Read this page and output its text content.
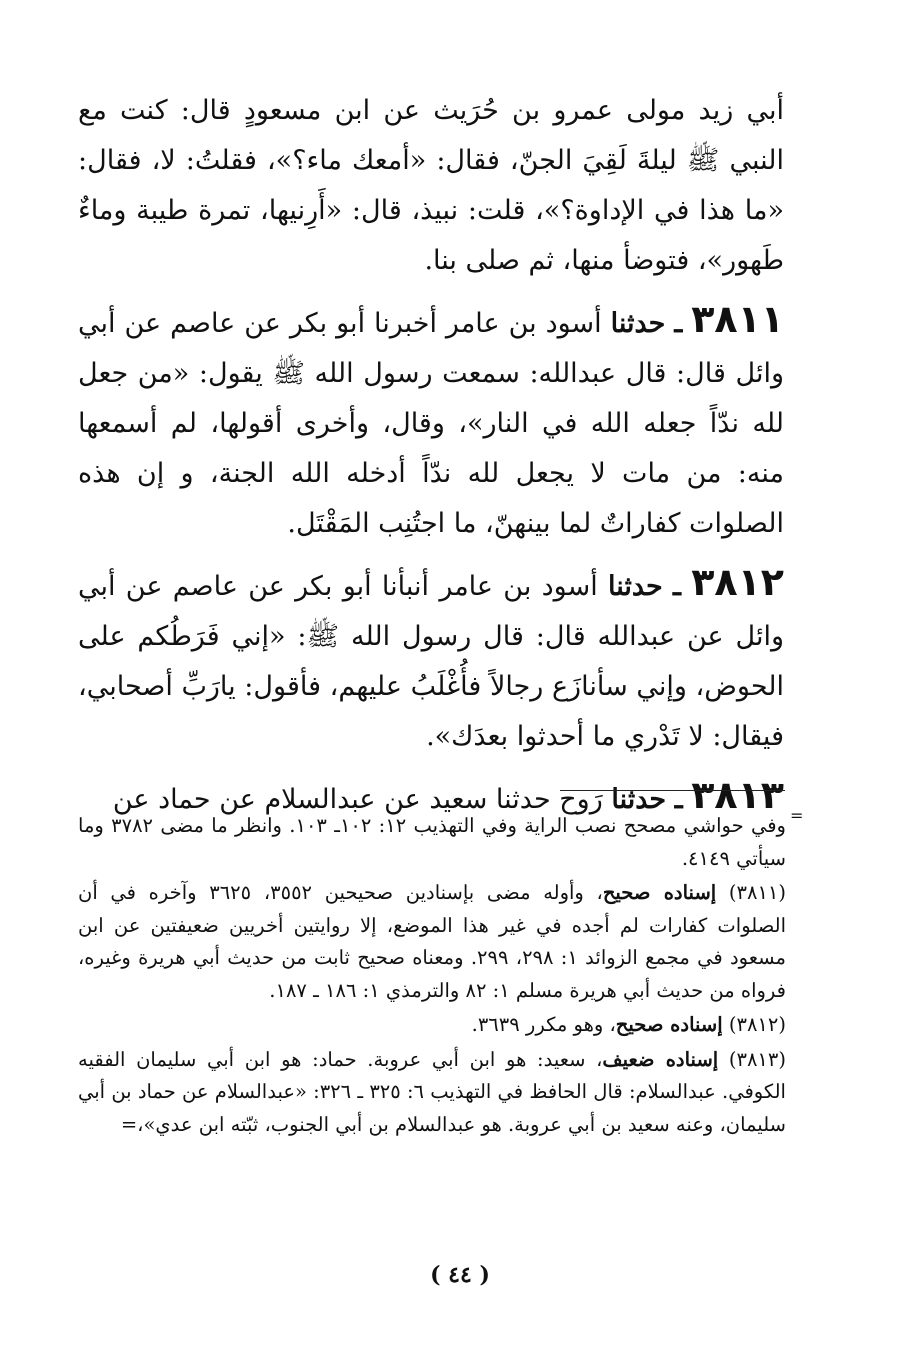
أبي زيد مولى عمرو بن حُرَيث عن ابن مسعودٍ قال: كنت مع النبي ﷺ ليلةَ لَقِيَ الجنّ، فقال: «أمعك ماء؟»، فقلتُ: لا، فقال: «ما هذا في الإداوة؟»، قلت: نبيذ، قال: «أَرِنيها، تمرة طيبة وماءٌ طَهور»، فتوضأ منها، ثم صلى بنا.

٣٨١١ ـ حدثنا أسود بن عامر أخبرنا أبو بكر عن عاصم عن أبي وائل قال: قال عبدالله: سمعت رسول الله ﷺ يقول: «من جعل لله ندّاً جعله الله في النار»، وقال، وأخرى أقولها، لم أسمعها منه: من مات لا يجعل لله ندّاً أدخله الله الجنة، و إن هذه الصلوات كفاراتٌ لما بينهنّ، ما اجتُنِب المَقْتَل.

٣٨١٢ ـ حدثنا أسود بن عامر أنبأنا أبو بكر عن عاصم عن أبي وائل عن عبدالله قال: قال رسول الله ﷺ: «إني فَرَطُكم على الحوض، وإني سأنازَع رجالاً فأُغْلَبُ عليهم، فأقول: يارَبِّ أصحابي، فيقال: لا تَدْري ما أحدثوا بعدَك».

٣٨١٣ ـ حدثنا رَوح حدثنا سعيد عن عبدالسلام عن حماد عن

=

وفي حواشي مصحح نصب الراية وفي التهذيب ١٢: ١٠٢ـ ١٠٣. وانظر ما مضى ٣٧٨٢ وما سيأتي ٤١٤٩.

(٣٨١١) إسناده صحيح، وأوله مضى بإسنادين صحيحين ٣٥٥٢، ٣٦٢٥ وآخره في أن الصلوات كفارات لم أجده في غير هذا الموضع، إلا روايتين أخريين ضعيفتين عن ابن مسعود في مجمع الزوائد ١: ٢٩٨، ٢٩٩. ومعناه صحيح ثابت من حديث أبي هريرة وغيره، فرواه من حديث أبي هريرة مسلم ١: ٨٢ والترمذي ١: ١٨٦ ـ ١٨٧.

(٣٨١٢) إسناده صحيح، وهو مكرر ٣٦٣٩.

(٣٨١٣) إسناده ضعيف، سعيد: هو ابن أبي عروبة. حماد: هو ابن أبي سليمان الفقيه الكوفي. عبدالسلام: قال الحافظ في التهذيب ٦: ٣٢٥ ـ ٣٢٦: «عبدالسلام عن حماد بن أبي سليمان، وعنه سعيد بن أبي عروبة. هو عبدالسلام بن أبي الجنوب، ثبّته ابن عدي»،=

( ٤٤ )
